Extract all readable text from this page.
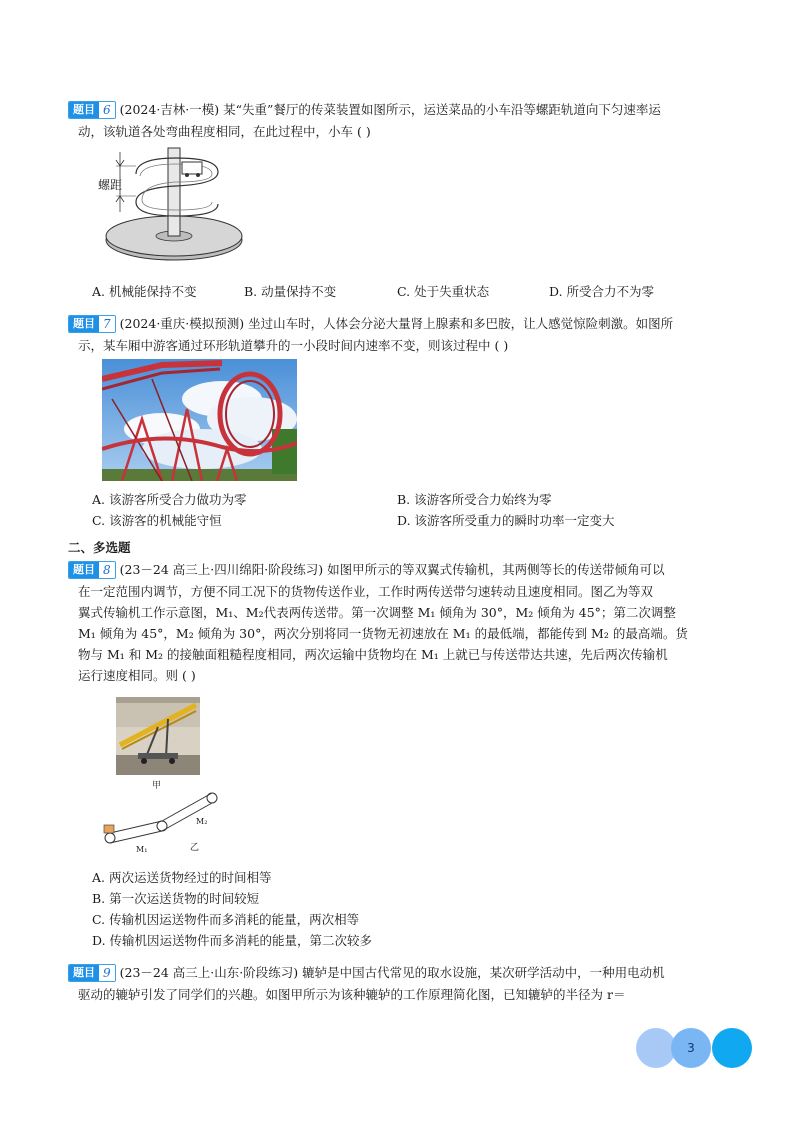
题目 6 (2024·吉林·一模) 某“失重”餐厅的传菜装置如图所示，运送菜品的小车沿等螺距轨道向下匀速率运
动，该轨道各处弯曲程度相同，在此过程中，小车 ( )
螺距
A. 机械能保持不变	B. 动量保持不变	C. 处于失重状态	D. 所受合力不为零
题目 7 (2024·重庆·模拟预测) 坐过山车时，人体会分泌大量肾上腺素和多巴胺，让人感觉惊险刺激。如图所
示，某车厢中游客通过环形轨道攀升的一小段时间内速率不变，则该过程中 ( )
A. 该游客所受合力做功为零	B. 该游客所受合力始终为零
C. 该游客的机械能守恒	D. 该游客所受重力的瞬时功率一定变大
二、多选题
题目 8 (23－24 高三上·四川绵阳·阶段练习) 如图甲所示的等双翼式传输机，其两侧等长的传送带倾角可以
在一定范围内调节，方便不同工况下的货物传送作业，工作时两传送带匀速转动且速度相同。图乙为等双
翼式传输机工作示意图，M₁、M₂代表两传送带。第一次调整 M₁ 倾角为 30°，M₂ 倾角为 45°；第二次调整
M₁ 倾角为 45°，M₂ 倾角为 30°，两次分别将同一货物无初速放在 M₁ 的最低端，都能传到 M₂ 的最高端。货
物与 M₁ 和 M₂ 的接触面粗糙程度相同，两次运输中货物均在 M₁ 上就已与传送带达共速，先后两次传输机
运行速度相同。则 ( )
甲
M₁
M₂
乙
A. 两次运送货物经过的时间相等
B. 第一次运送货物的时间较短
C. 传输机因运送物件而多消耗的能量，两次相等
D. 传输机因运送物件而多消耗的能量，第二次较多
题目 9 (23－24 高三上·山东·阶段练习) 辘轳是中国古代常见的取水设施，某次研学活动中，一种用电动机
驱动的辘轳引发了同学们的兴趣。如图甲所示为该种辘轳的工作原理简化图，已知辘轳的半径为 r＝
3
